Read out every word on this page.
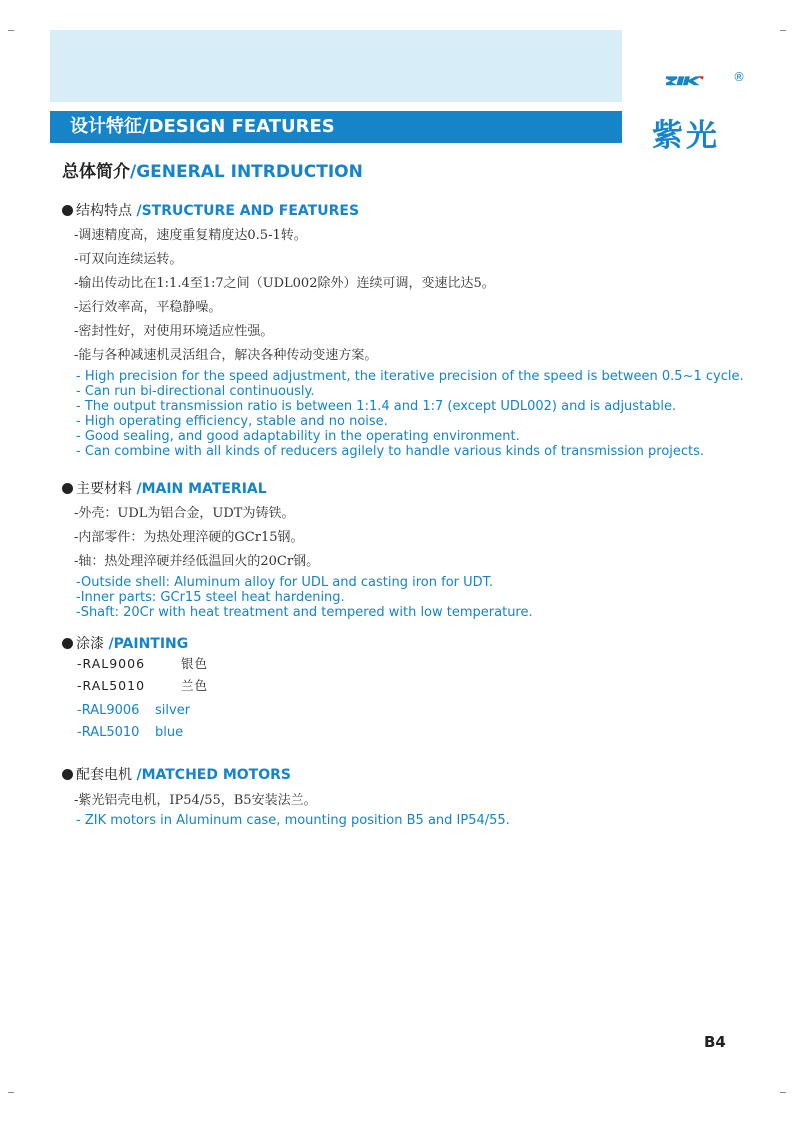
设计特征/DESIGN FEATURES
®
紫光
总体简介/GENERAL INTRDUCTION
结构特点 /STRUCTURE AND FEATURES
-调速精度高，速度重复精度达0.5-1转。
-可双向连续运转。
-输出传动比在1:1.4至1:7之间（UDL002除外）连续可调，变速比达5。
-运行效率高，平稳静噪。
-密封性好，对使用环境适应性强。
-能与各种减速机灵活组合，解决各种传动变速方案。
- High precision for the speed adjustment, the iterative precision of the speed is between 0.5~1 cycle.
- Can run bi-directional continuously.
- The output transmission ratio is between 1:1.4 and 1:7 (except UDL002) and is adjustable.
- High operating efficiency, stable and no noise.
- Good sealing, and good adaptability in the operating environment.
- Can combine with all kinds of reducers agilely to handle various kinds of transmission projects.
主要材料 /MAIN MATERIAL
-外壳：UDL为铝合金，UDT为铸铁。
-内部零件：为热处理淬硬的GCr15钢。
-轴：热处理淬硬并经低温回火的20Cr钢。
-Outside shell: Aluminum alloy for UDL and casting iron for UDT.
-Inner parts: GCr15 steel heat hardening.
-Shaft: 20Cr with heat treatment and tempered with low temperature.
涂漆 /PAINTING
-RAL9006	银色
-RAL5010	兰色
-RAL9006 silver
-RAL5010 blue
配套电机 /MATCHED MOTORS
-紫光铝壳电机，IP54/55，B5安装法兰。
- ZIK motors in Aluminum case, mounting position B5 and IP54/55.
B4
